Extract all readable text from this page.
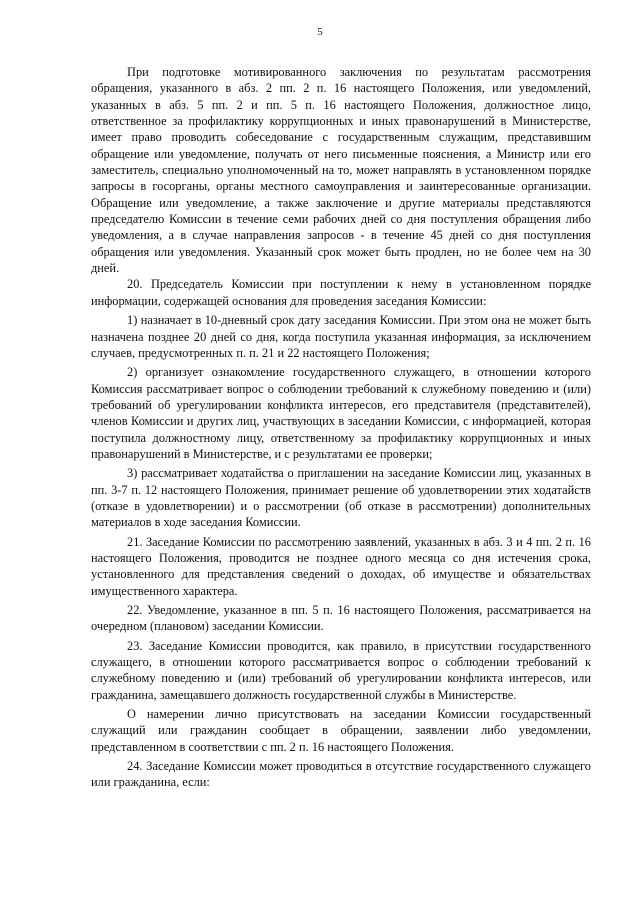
5

При подготовке мотивированного заключения по результатам рассмотрения обращения, указанного в абз. 2 пп. 2 п. 16 настоящего Положения, или уведомлений, указанных в абз. 5 пп. 2 и пп. 5 п. 16 настоящего Положения, должностное лицо, ответственное за профилактику коррупционных и иных правонарушений в Министерстве, имеет право проводить собеседование с государственным служащим, представившим обращение или уведомление, получать от него письменные пояснения, а Министр или его заместитель, специально уполномоченный на то, может направлять в установленном порядке запросы в госорганы, органы местного самоуправления и заинтересованные организации. Обращение или уведомление, а также заключение и другие материалы представляются председателю Комиссии в течение семи рабочих дней со дня поступления обращения либо уведомления, а в случае направления запросов - в течение 45 дней со дня поступления обращения или уведомления. Указанный срок может быть продлен, но не более чем на 30 дней.

20. Председатель Комиссии при поступлении к нему в установленном порядке информации, содержащей основания для проведения заседания Комиссии:

1) назначает в 10-дневный срок дату заседания Комиссии. При этом она не может быть назначена позднее 20 дней со дня, когда поступила указанная информация, за исключением случаев, предусмотренных п. п. 21 и 22 настоящего Положения;

2) организует ознакомление государственного служащего, в отношении которого Комиссия рассматривает вопрос о соблюдении требований к служебному поведению и (или) требований об урегулировании конфликта интересов, его представителя (представителей), членов Комиссии и других лиц, участвующих в заседании Комиссии, с информацией, которая поступила должностному лицу, ответственному за профилактику коррупционных и иных правонарушений в Министерстве, и с результатами ее проверки;

3) рассматривает ходатайства о приглашении на заседание Комиссии лиц, указанных в пп. 3-7 п. 12 настоящего Положения, принимает решение об удовлетворении этих ходатайств (отказе в удовлетворении) и о рассмотрении (об отказе в рассмотрении) дополнительных материалов в ходе заседания Комиссии.

21. Заседание Комиссии по рассмотрению заявлений, указанных в абз. 3 и 4 пп. 2 п. 16 настоящего Положения, проводится не позднее одного месяца со дня истечения срока, установленного для представления сведений о доходах, об имуществе и обязательствах имущественного характера.

22. Уведомление, указанное в пп. 5 п. 16 настоящего Положения, рассматривается на очередном (плановом) заседании Комиссии.

23. Заседание Комиссии проводится, как правило, в присутствии государственного служащего, в отношении которого рассматривается вопрос о соблюдении требований к служебному поведению и (или) требований об урегулировании конфликта интересов, или гражданина, замещавшего должность государственной службы в Министерстве.

О намерении лично присутствовать на заседании Комиссии государственный служащий или гражданин сообщает в обращении, заявлении либо уведомлении, представленном в соответствии с пп. 2 п. 16 настоящего Положения.

24. Заседание Комиссии может проводиться в отсутствие государственного служащего или гражданина, если:
